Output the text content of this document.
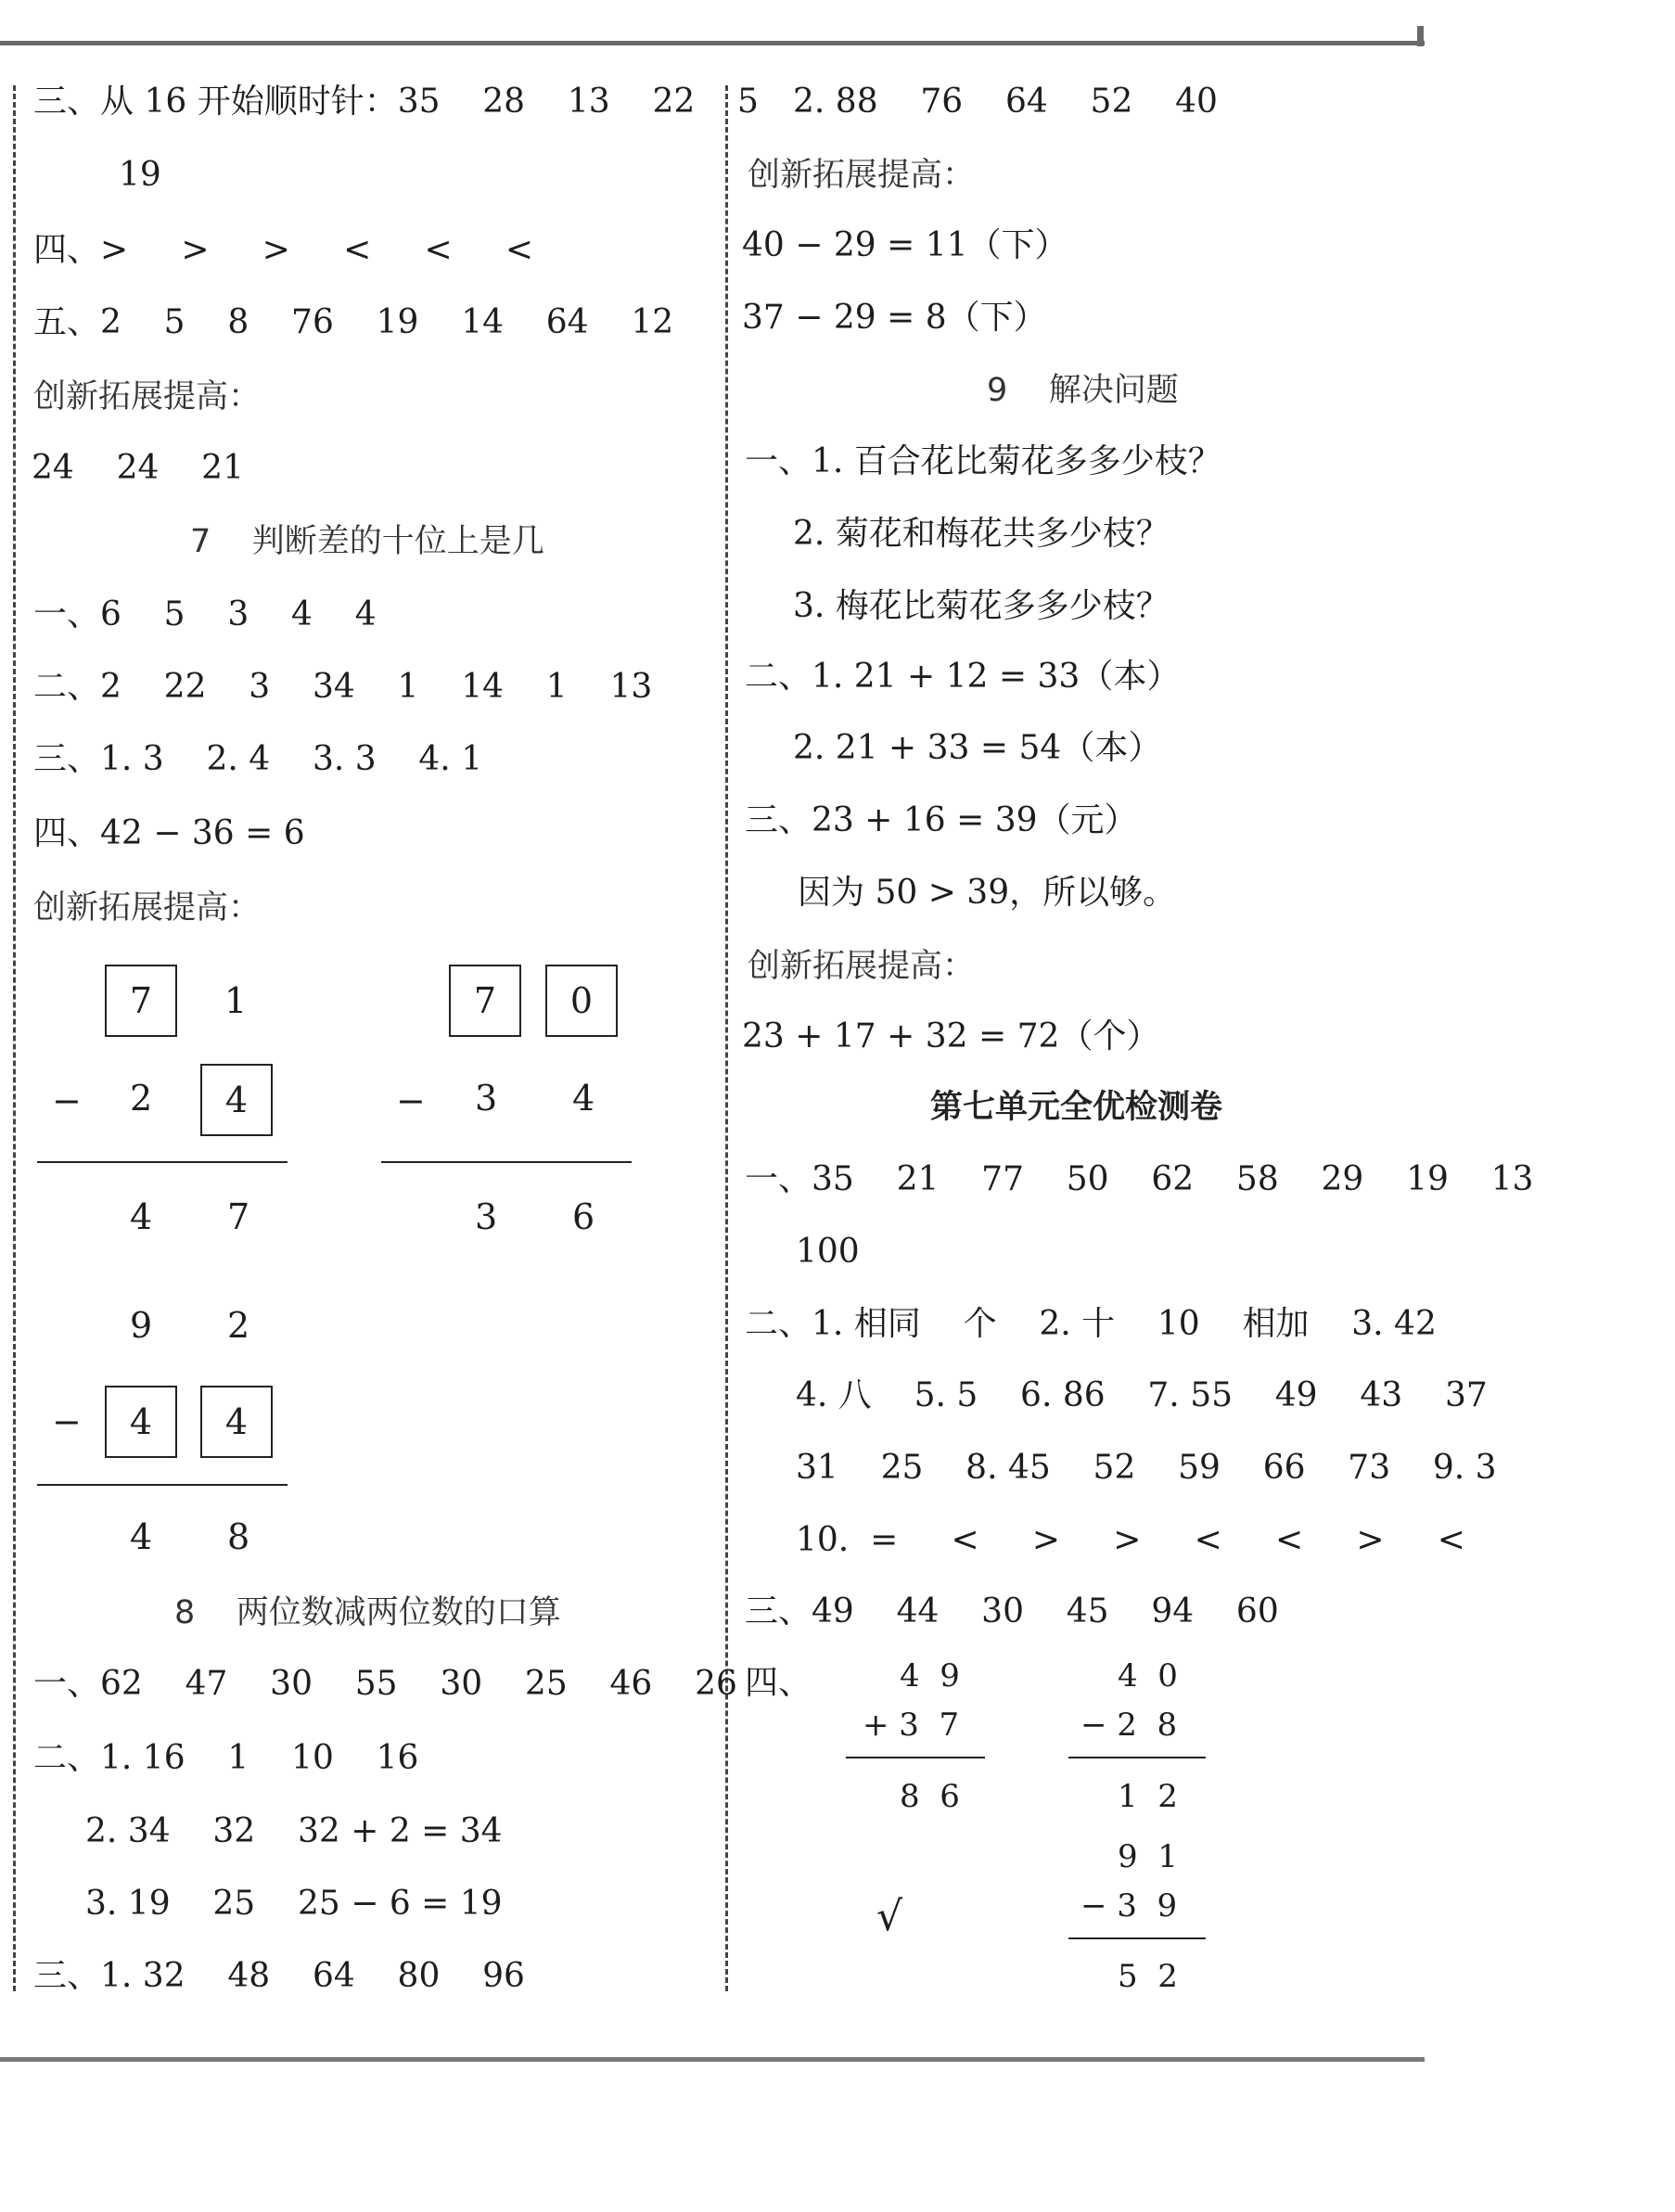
三、从 16 开始顺时针：35    28    13    22    5
19
四、>     >     >     <     <     <
五、2    5    8    76    19    14    64    12
创新拓展提高：
24    24    21
7    判断差的十位上是几
一、6    5    3    4    4
二、2    22    3    34    1    14    1    13
三、1. 3    2. 4    3. 3    4. 1
四、42 − 36 = 6
创新拓展提高：
7	1
− 2	4
4 7
7	0
− 3 4
3 6
9 2
−	4	4
4 8
8    两位数减两位数的口算
一、62    47    30    55    30    25    46    26
二、1. 16    1    10    16
2. 34    32    32 + 2 = 34
3. 19    25    25 − 6 = 19
三、1. 32    48    64    80    96
2. 88    76    64    52    40
创新拓展提高：
40 − 29 = 11（下）
37 − 29 = 8（下）
9    解决问题
一、1. 百合花比菊花多多少枝？
2. 菊花和梅花共多少枝？
3. 梅花比菊花多多少枝？
二、1. 21 + 12 = 33（本）
2. 21 + 33 = 54（本）
三、23 + 16 = 39（元）
因为 50 > 39，所以够。
创新拓展提高：
23 + 17 + 32 = 72（个）
第七单元全优检测卷
一、35    21    77    50    62    58    29    19    13
100
二、1. 相同    个    2. 十    10    相加    3. 42
4. 八    5. 5    6. 86    7. 55    49    43    37
31    25    8. 45    52    59    66    73    9. 3
10.  =     <     >     >     <     <     >     <
三、49    44    30    45    94    60
四、	4  9
+ 3  7
8  6
4  0
− 2  8
1  2
9  1
− 3  9
5  2
√
